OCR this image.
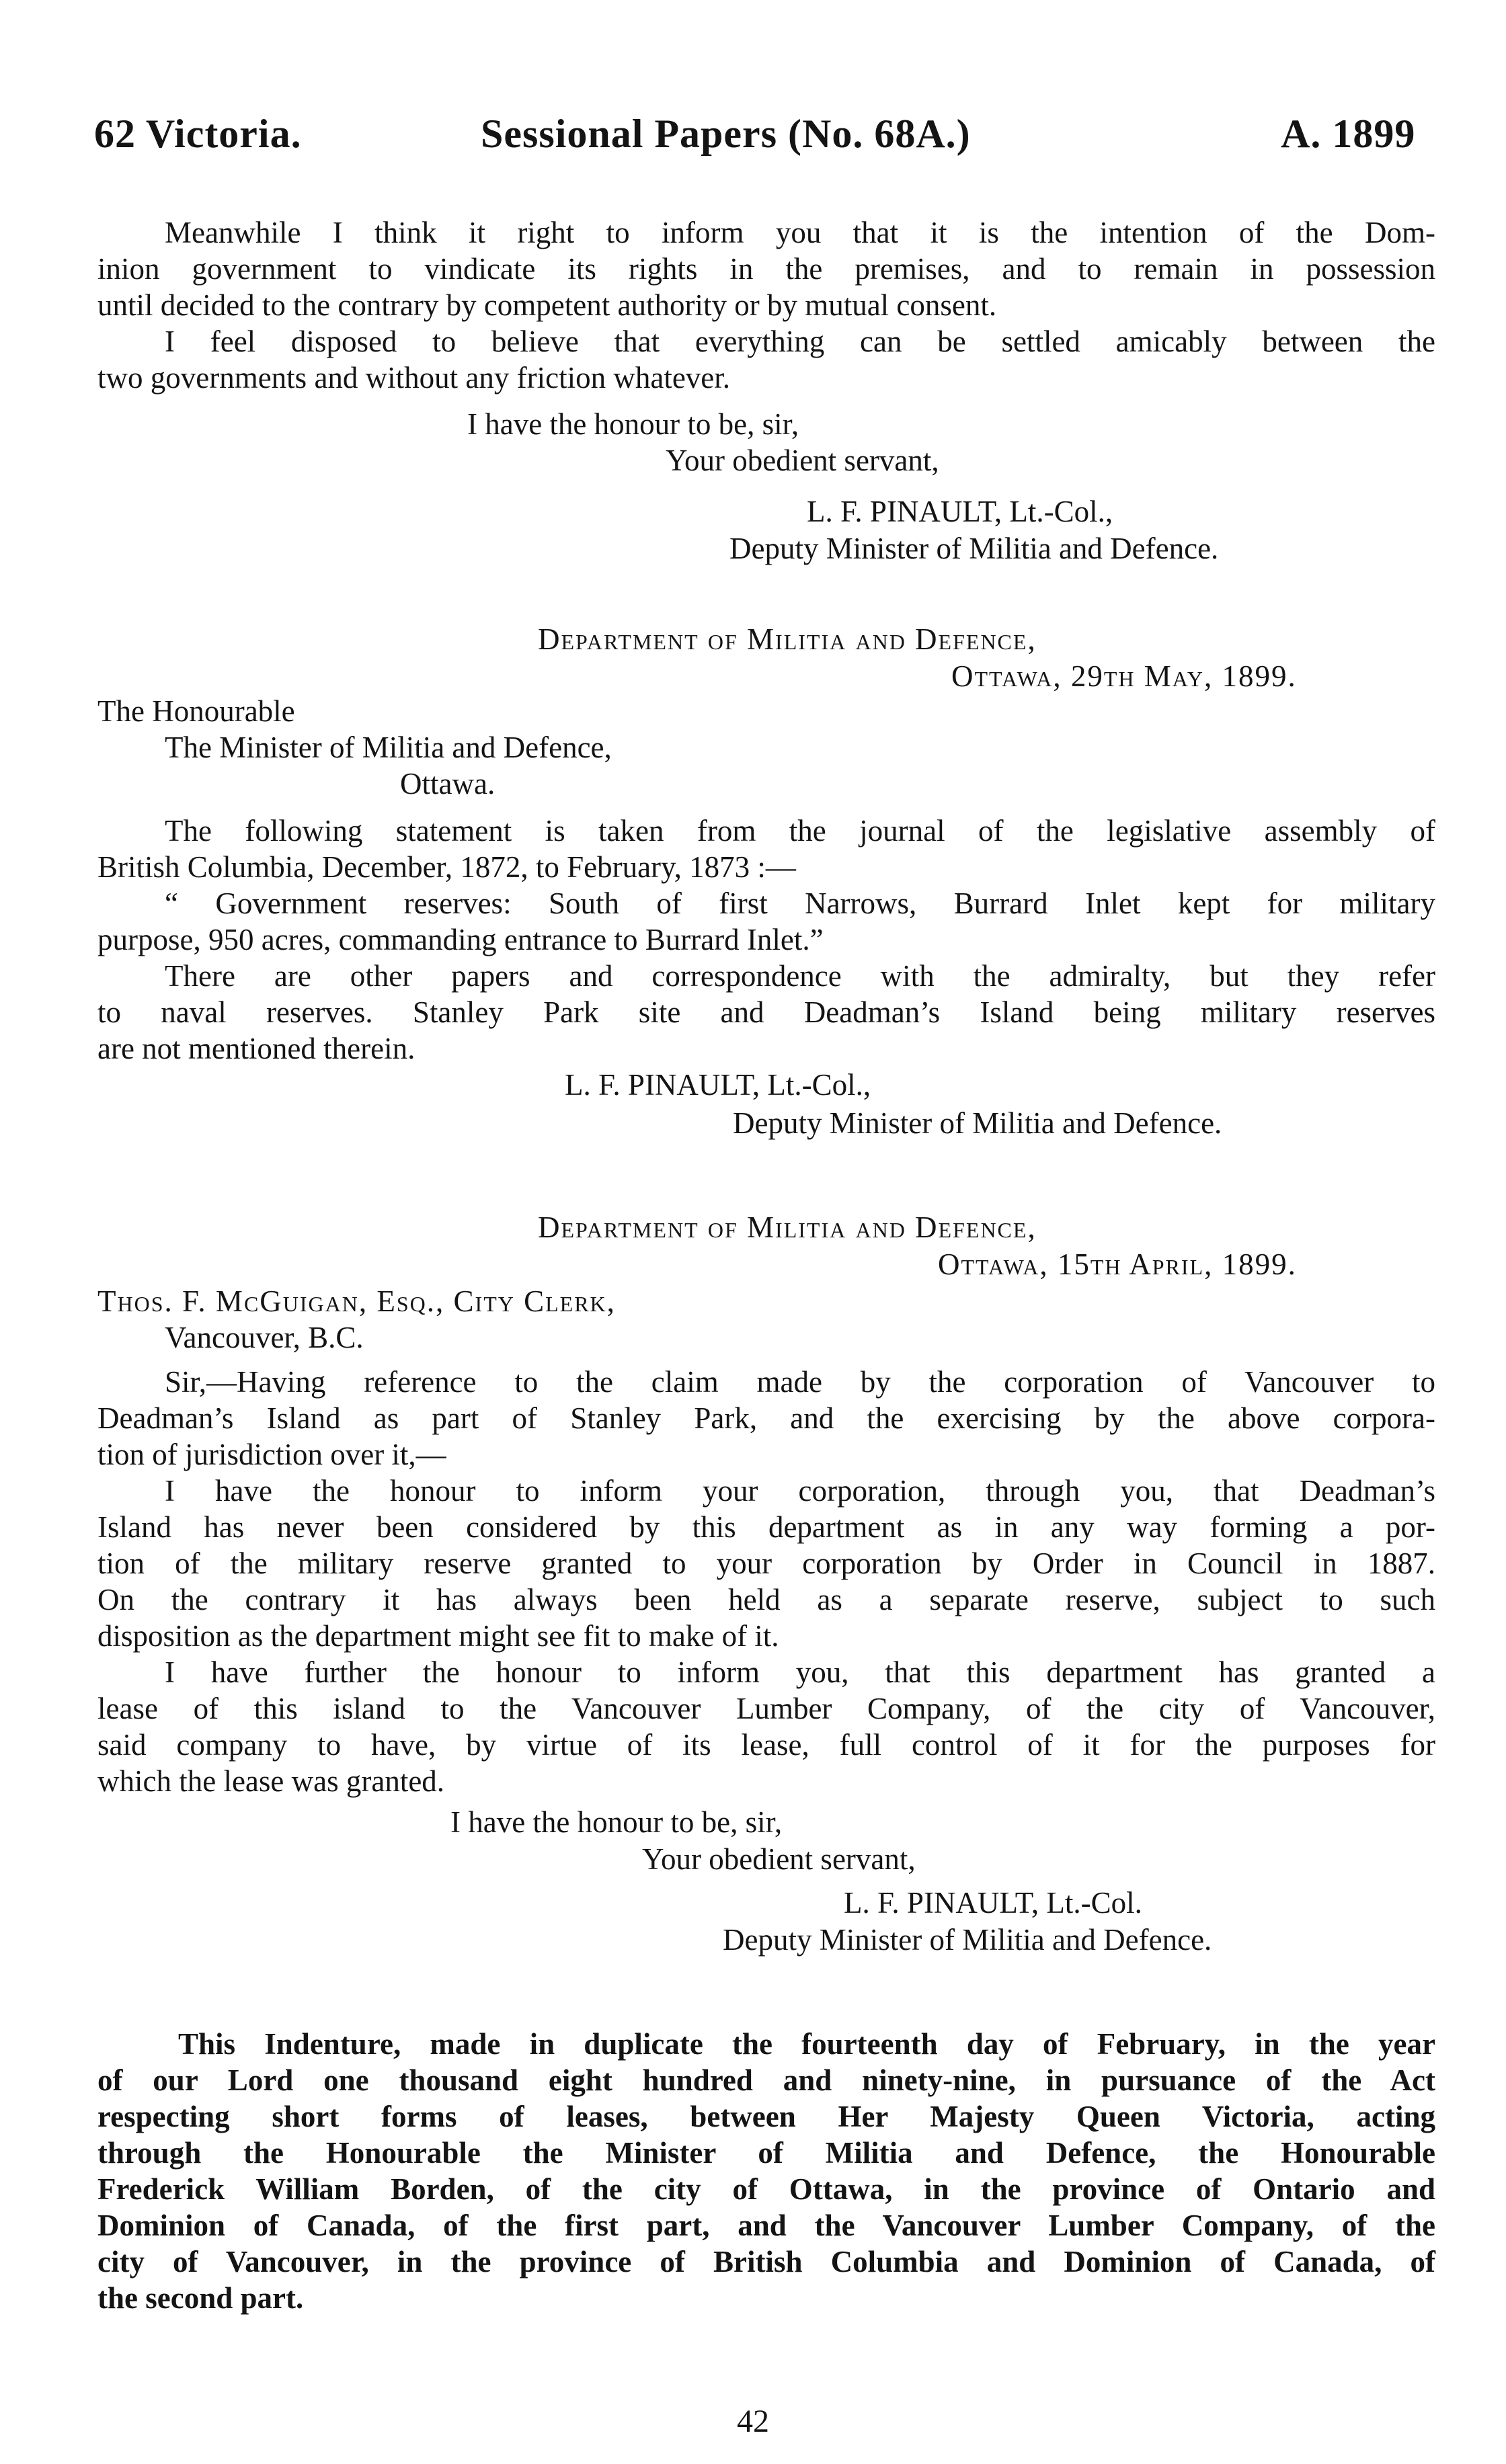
62 Victoria.	Sessional Papers (No. 68A.)	A. 1899
Meanwhile I think it right to inform you that it is the intention of the Dom-
inion government to vindicate its rights in the premises, and to remain in possession
until decided to the contrary by competent authority or by mutual consent.
I feel disposed to believe that everything can be settled amicably between the
two governments and without any friction whatever.
I have the honour to be, sir,
Your obedient servant,
L. F. PINAULT, Lt.-Col.,
Deputy Minister of Militia and Defence.
Department of Militia and Defence,
Ottawa, 29th May, 1899.
The Honourable
The Minister of Militia and Defence,
Ottawa.
The following statement is taken from the journal of the legislative assembly of
British Columbia, December, 1872, to February, 1873 :—
“ Government reserves: South of first Narrows, Burrard Inlet kept for military
purpose, 950 acres, commanding entrance to Burrard Inlet.”
There are other papers and correspondence with the admiralty, but they refer
to naval reserves. Stanley Park site and Deadman’s Island being military reserves
are not mentioned therein.
L. F. PINAULT, Lt.-Col.,
Deputy Minister of Militia and Defence.
Department of Militia and Defence,
Ottawa, 15th April, 1899.
Thos. F. McGuigan, Esq., City Clerk,
Vancouver, B.C.
Sir,—Having reference to the claim made by the corporation of Vancouver to
Deadman’s Island as part of Stanley Park, and the exercising by the above corpora-
tion of jurisdiction over it,—
I have the honour to inform your corporation, through you, that Deadman’s
Island has never been considered by this department as in any way forming a por-
tion of the military reserve granted to your corporation by Order in Council in 1887.
On the contrary it has always been held as a separate reserve, subject to such
disposition as the department might see fit to make of it.
I have further the honour to inform you, that this department has granted a
lease of this island to the Vancouver Lumber Company, of the city of Vancouver,
said company to have, by virtue of its lease, full control of it for the purposes for
which the lease was granted.
I have the honour to be, sir,
Your obedient servant,
L. F. PINAULT, Lt.-Col.
Deputy Minister of Militia and Defence.
This Indenture, made in duplicate the fourteenth day of February, in the year
of our Lord one thousand eight hundred and ninety-nine, in pursuance of the Act
respecting short forms of leases, between Her Majesty Queen Victoria, acting
through the Honourable the Minister of Militia and Defence, the Honourable
Frederick William Borden, of the city of Ottawa, in the province of Ontario and
Dominion of Canada, of the first part, and the Vancouver Lumber Company, of the
city of Vancouver, in the province of British Columbia and Dominion of Canada, of
the second part.
42
